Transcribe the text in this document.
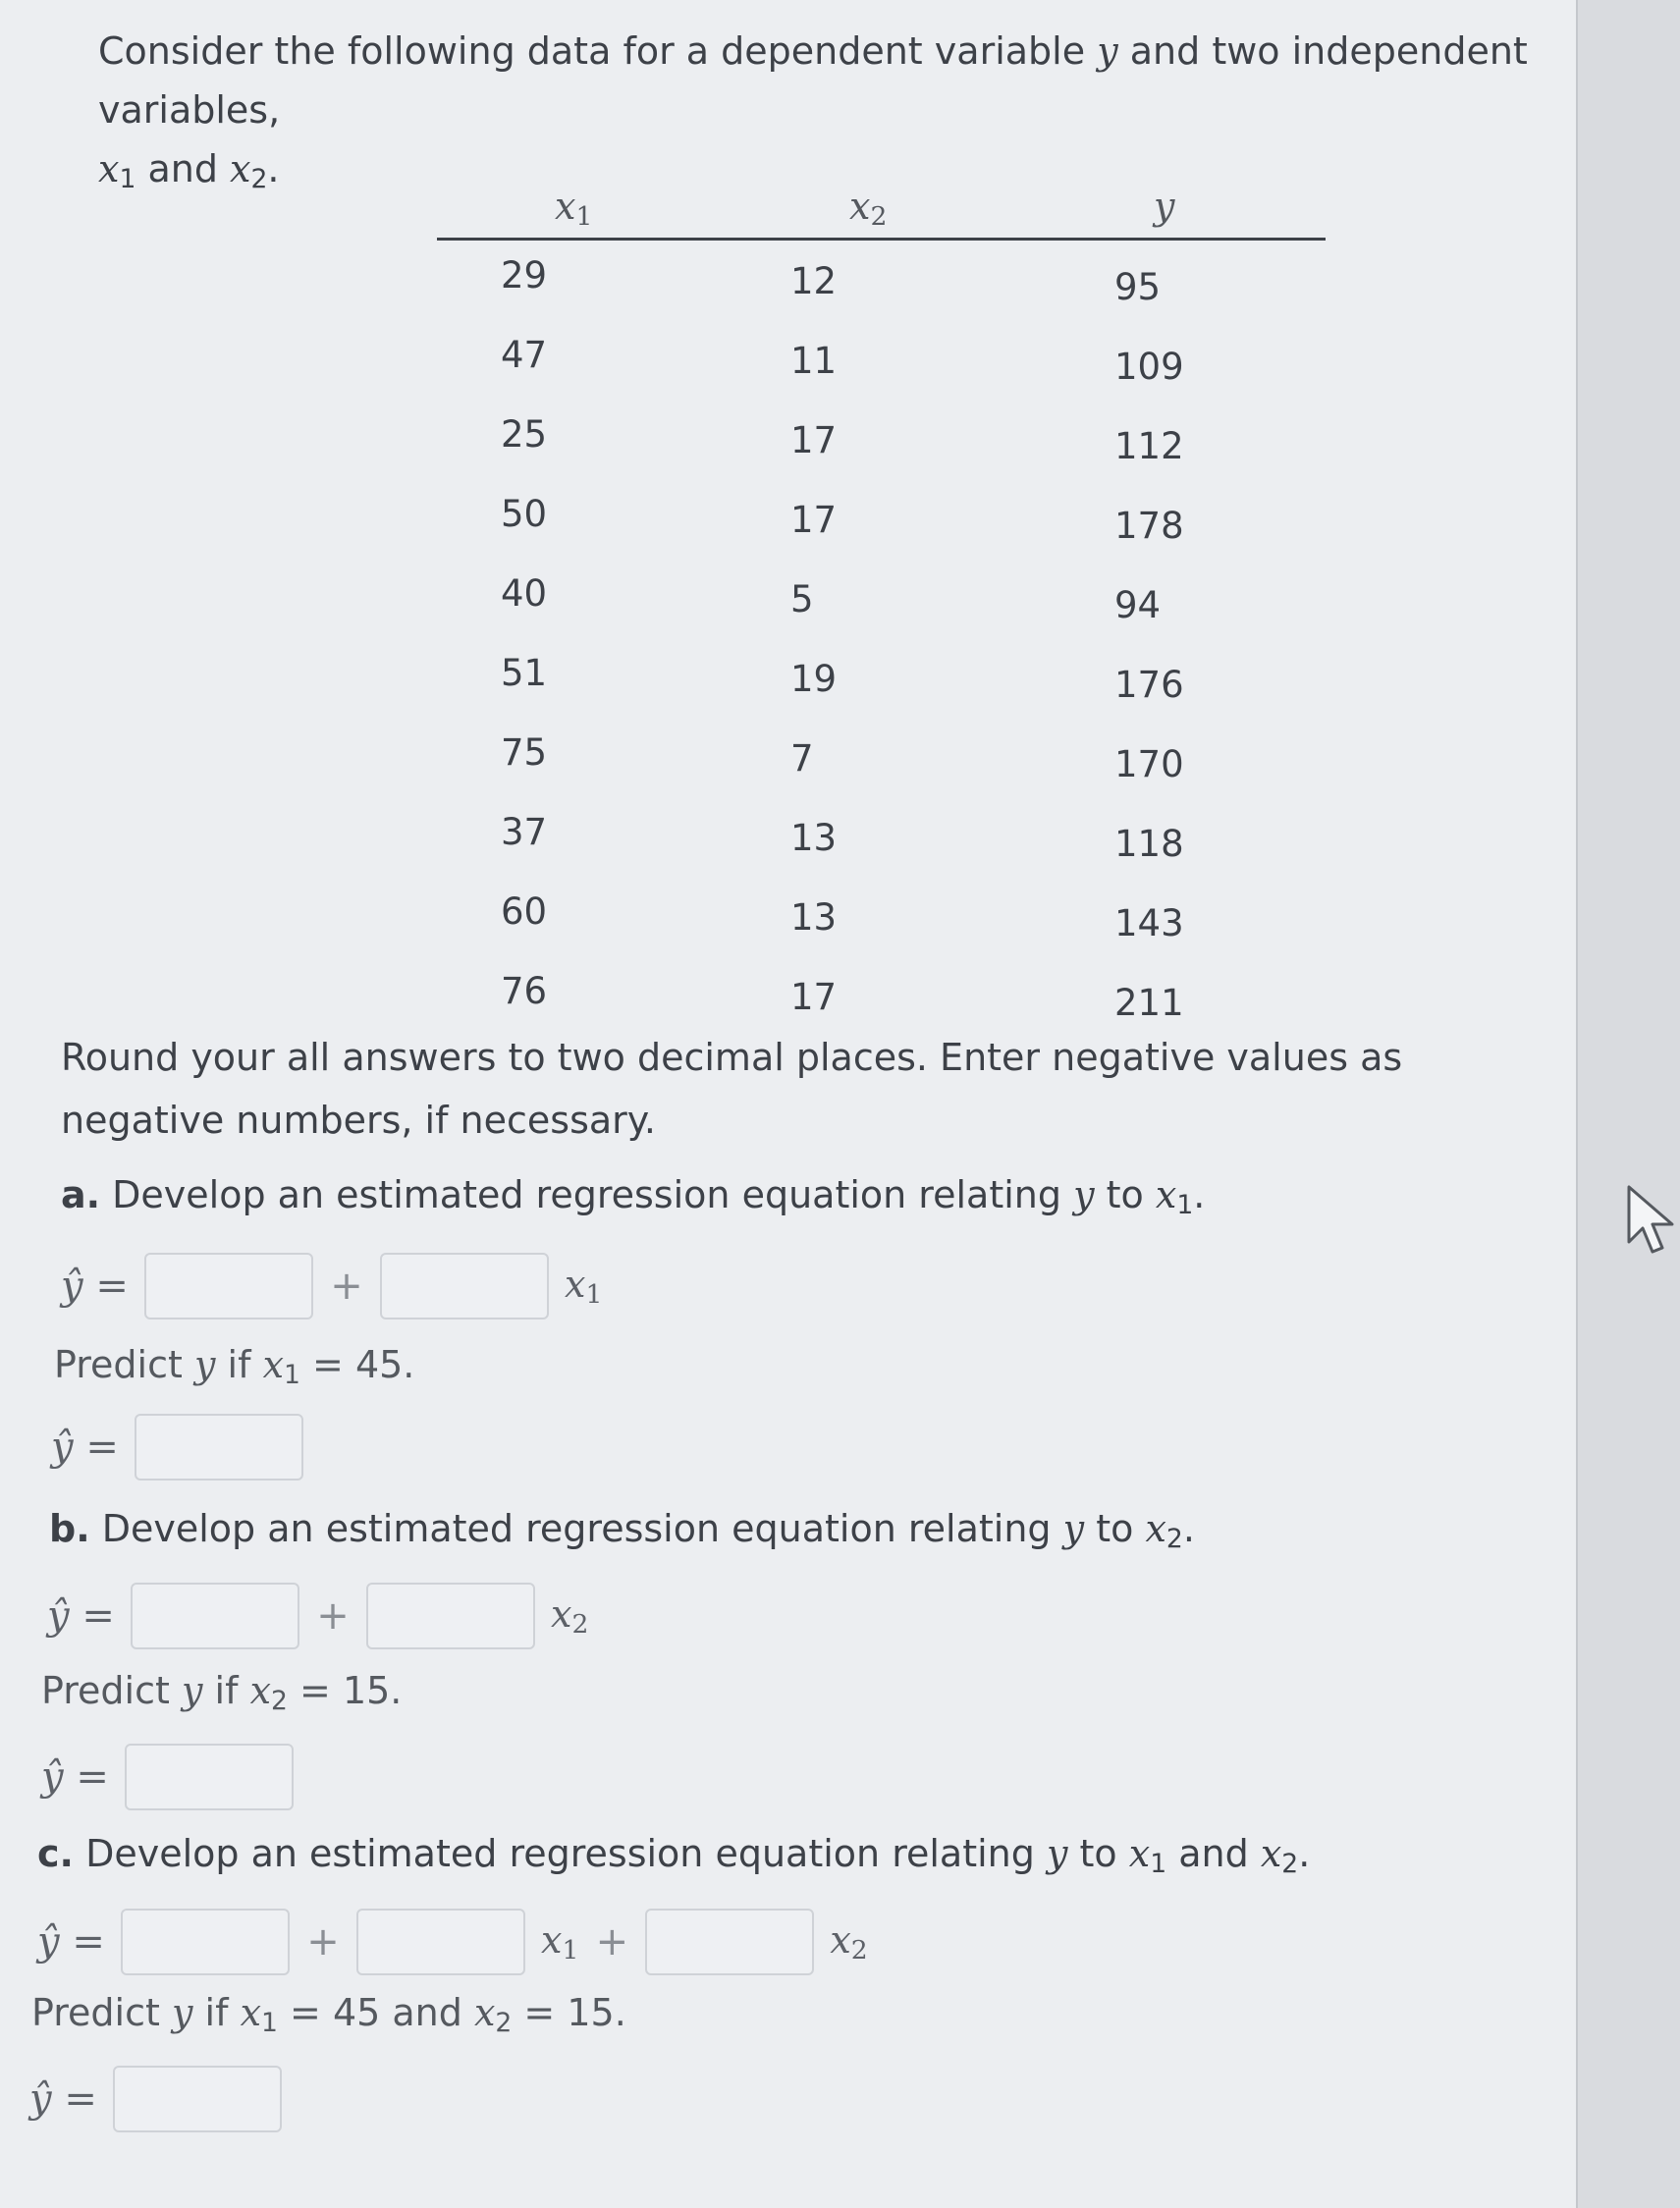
Consider the following data for a dependent variable y and two independent variables,
$x_1$ and $x_2$.

$x_1$	$x_2$	y
29	12	95
47	11	109
25	17	112
50	17	178
40	5	94
51	19	176
75	7	170
37	13	118
60	13	143
76	17	211

Round your all answers to two decimal places. Enter negative values as negative numbers, if necessary.

a. Develop an estimated regression equation relating y to $x_1$.

ŷ =	+	$x_1$

Predict y if $x_1 = 45$.

ŷ =

b. Develop an estimated regression equation relating y to $x_2$.

ŷ =	+	$x_2$

Predict y if $x_2 = 15$.

ŷ =

c. Develop an estimated regression equation relating y to $x_1$ and $x_2$.

ŷ =	+	$x_1$ +	$x_2$

Predict y if $x_1 = 45$ and $x_2 = 15$.

ŷ =
